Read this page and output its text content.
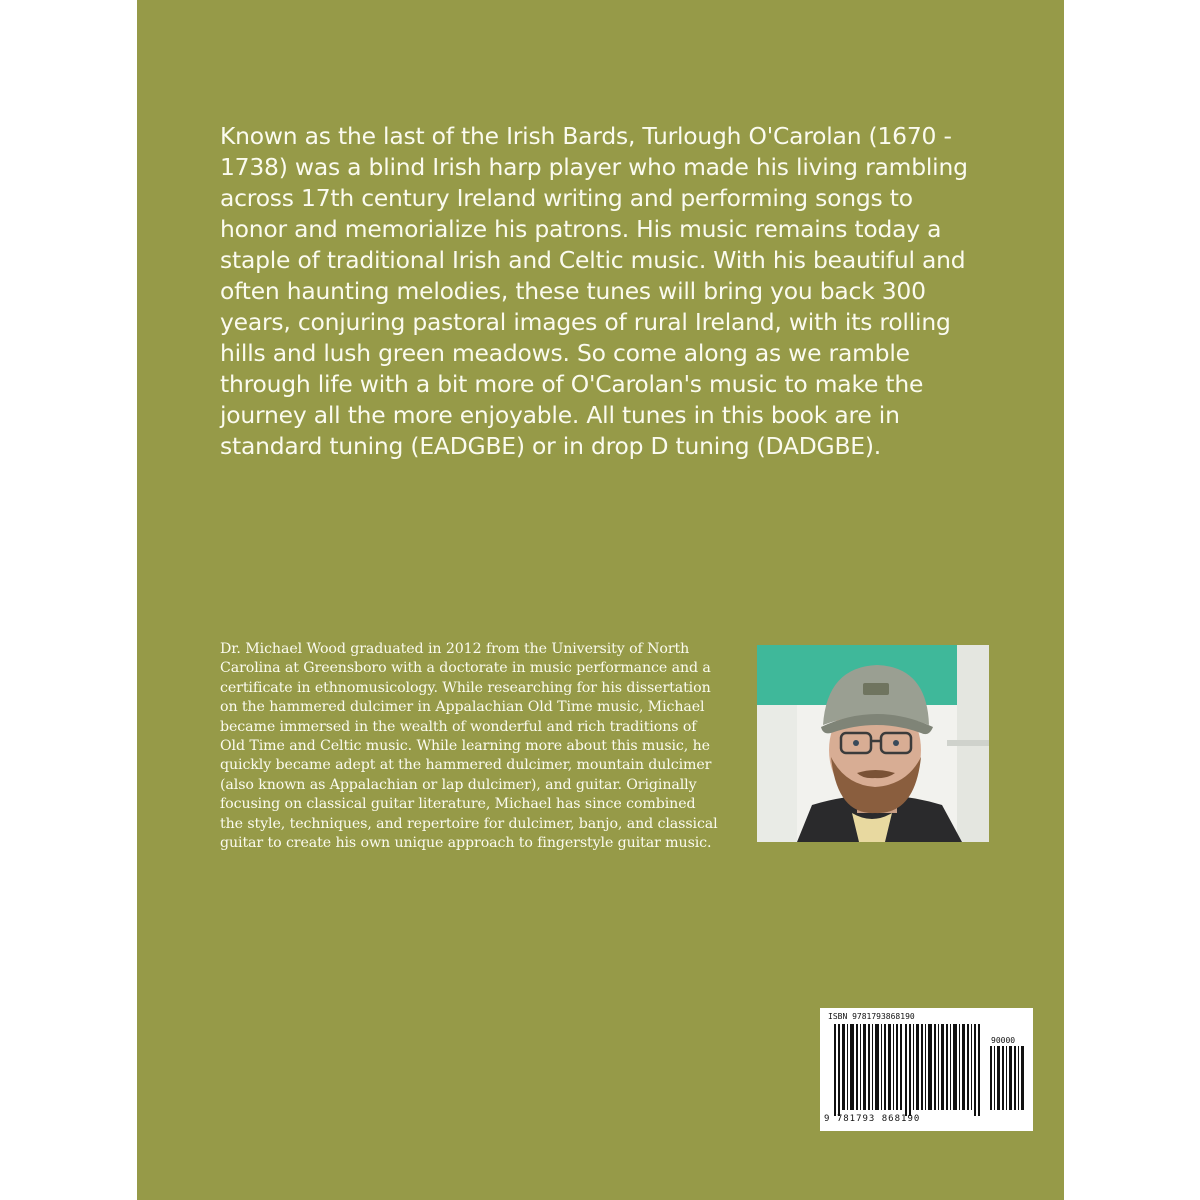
Known as the last of the Irish Bards, Turlough O'Carolan (1670 - 1738) was a blind Irish harp player who made his living rambling across 17th century Ireland writing and performing songs to honor and memorialize his patrons. His music remains today a staple of traditional Irish and Celtic music. With his beautiful and often haunting melodies, these tunes will bring you back 300 years, conjuring pastoral images of rural Ireland, with its rolling hills and lush green meadows. So come along as we ramble through life with a bit more of O'Carolan's music to make the journey all the more enjoyable. All tunes in this book are in standard tuning (EADGBE) or in drop D tuning (DADGBE).

Dr. Michael Wood graduated in 2012 from the University of North Carolina at Greensboro with a doctorate in music performance and a certificate in ethnomusicology. While researching for his dissertation on the hammered dulcimer in Appalachian Old Time music, Michael became immersed in the wealth of wonderful and rich traditions of Old Time and Celtic music. While learning more about this music, he quickly became adept at the hammered dulcimer, mountain dulcimer (also known as Appalachian or lap dulcimer), and guitar. Originally focusing on classical guitar literature, Michael has since combined the style, techniques, and repertoire for dulcimer, banjo, and classical guitar to create his own unique approach to fingerstyle guitar music.

ISBN 9781793868190
90000
9 781793 868190
